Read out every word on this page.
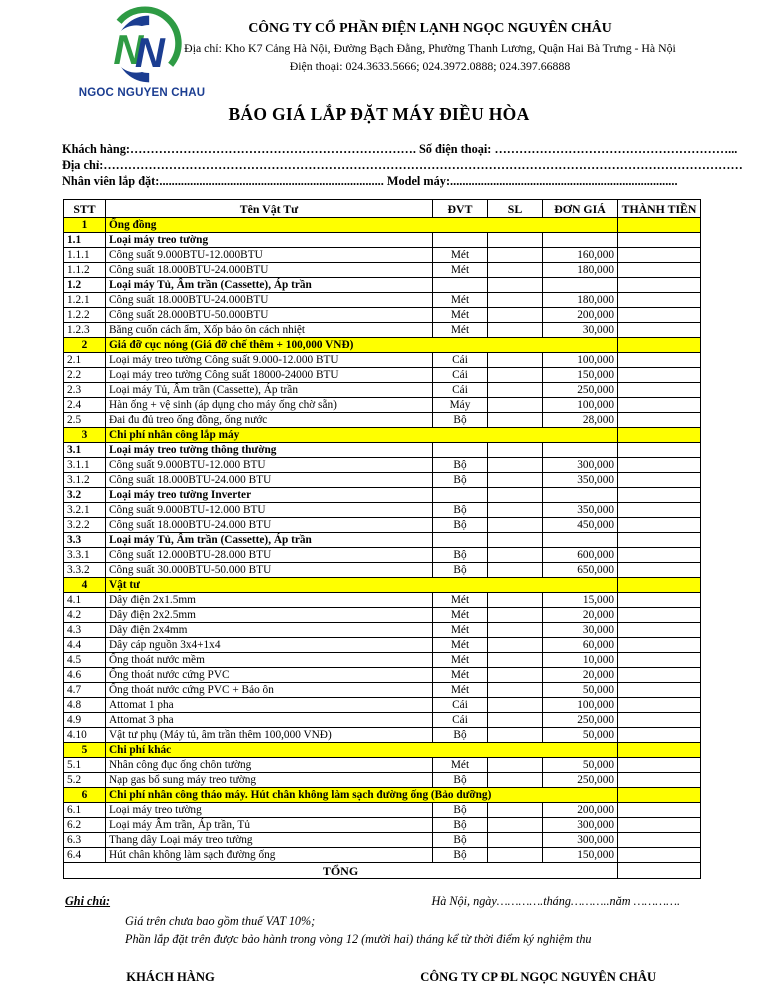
N
N
NGOC NGUYEN CHAU
CÔNG TY CỔ PHẦN ĐIỆN LẠNH NGỌC NGUYÊN CHÂU
Địa chỉ: Kho K7 Cảng Hà Nội, Đường Bạch Đằng, Phường Thanh Lương, Quận Hai Bà Trưng - Hà Nội
Điện thoại: 024.3633.5666; 024.3972.0888; 024.397.66888
BÁO GIÁ LẮP ĐẶT MÁY ĐIỀU HÒA
Khách hàng:……………………………………………………………. Số điện thoại: …………………………………………………...
Địa chỉ:…………………………………………………………………………………………………………………………………………
Nhân viên lắp đặt:......................................................................... Model máy:..........................................................................
STT	Tên Vật Tư	ĐVT	SL	ĐƠN GIÁ	THÀNH TIỀN
1	Ống đồng				
1.1	Loại máy treo tường				
1.1.1	Công suất 9.000BTU-12.000BTU	Mét		160,000	
1.1.2	Công suất 18.000BTU-24.000BTU	Mét		180,000	
1.2	Loại máy Tủ, Âm trần (Cassette), Áp trần				
1.2.1	Công suất 18.000BTU-24.000BTU	Mét		180,000	
1.2.2	Công suất 28.000BTU-50.000BTU	Mét		200,000	
1.2.3	Băng cuốn cách ẩm, Xốp bảo ôn cách nhiệt	Mét		30,000	
2	Giá đỡ cục nóng (Giá đỡ chế thêm + 100,000 VNĐ)				
2.1	Loại máy treo tường Công suất 9.000-12.000 BTU	Cái		100,000	
2.2	Loại máy treo tường Công suất 18000-24000 BTU	Cái		150,000	
2.3	Loại máy Tủ, Âm trần (Cassette), Áp trần	Cái		250,000	
2.4	Hàn ống + vệ sinh (áp dụng cho máy ống chờ sẵn)	Máy		100,000	
2.5	Đai đu đủ treo ống đồng, ống nước	Bộ		28,000	
3	Chi phí nhân công lắp máy				
3.1	Loại máy treo tường thông thường				
3.1.1	Công suất 9.000BTU-12.000 BTU	Bộ		300,000	
3.1.2	Công suất 18.000BTU-24.000 BTU	Bộ		350,000	
3.2	Loại máy treo tường Inverter				
3.2.1	Công suất 9.000BTU-12.000 BTU	Bộ		350,000	
3.2.2	Công suất 18.000BTU-24.000 BTU	Bộ		450,000	
3.3	Loại máy Tủ, Âm trần (Cassette), Áp trần				
3.3.1	Công suất 12.000BTU-28.000 BTU	Bộ		600,000	
3.3.2	Công suất 30.000BTU-50.000 BTU	Bộ		650,000	
4	Vật tư				
4.1	Dây điện 2x1.5mm	Mét		15,000	
4.2	Dây điện 2x2.5mm	Mét		20,000	
4.3	Dây điện 2x4mm	Mét		30,000	
4.4	Dây cáp nguồn 3x4+1x4	Mét		60,000	
4.5	Ống thoát nước mềm	Mét		10,000	
4.6	Ống thoát nước cứng PVC	Mét		20,000	
4.7	Ống thoát nước cứng PVC + Bảo ôn	Mét		50,000	
4.8	Attomat 1 pha	Cái		100,000	
4.9	Attomat 3 pha	Cái		250,000	
4.10	Vật tư phụ (Máy tủ, âm trần thêm 100,000 VNĐ)	Bộ		50,000	
5	Chi phí khác				
5.1	Nhân công đục ống chôn tường	Mét		50,000	
5.2	Nạp gas bổ sung máy treo tường	Bộ		250,000	
6	Chi phí nhân công tháo máy. Hút chân không làm sạch đường ống (Bảo dưỡng)				
6.1	Loại máy treo tường	Bộ		200,000	
6.2	Loại máy Âm trần, Áp trần, Tủ	Bộ		300,000	
6.3	Thang dây Loại máy treo tường	Bộ		300,000	
6.4	Hút chân không làm sạch đường ống	Bộ		150,000	
TỔNG					
Ghi chú:	Hà Nội, ngày………….tháng………..năm ………….
Giá trên chưa bao gồm thuế VAT 10%;
Phần lắp đặt trên được bảo hành trong vòng 12 (mười hai) tháng kể từ thời điểm ký nghiệm thu
KHÁCH HÀNG	CÔNG TY CP ĐL NGỌC NGUYÊN CHÂU
